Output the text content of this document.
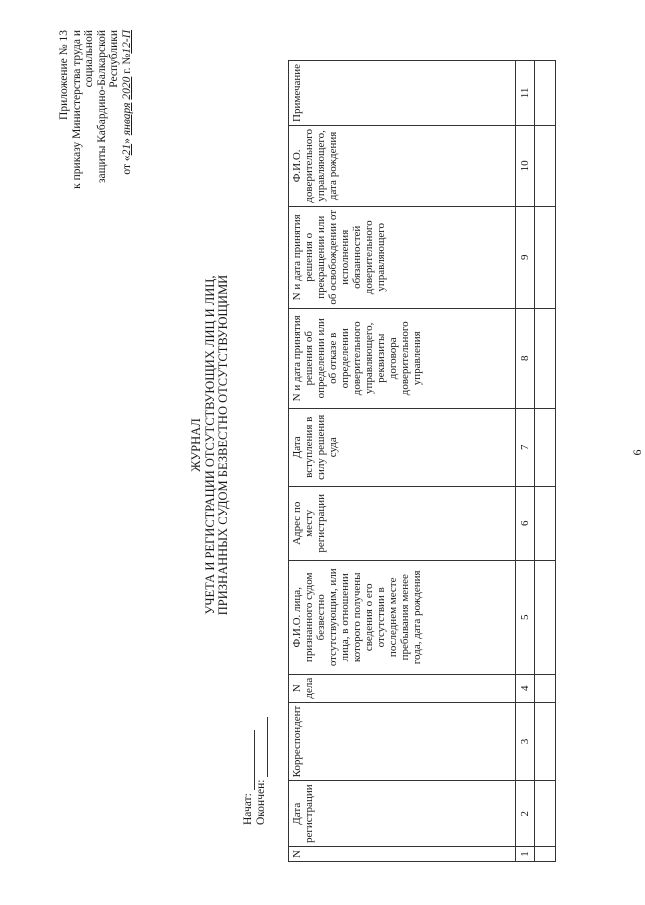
Приложение № 13 к приказу Министерства труда и социальной защиты Кабардино-Балкарской Республики
от «21» января 2020 г. №12-П
ЖУРНАЛ УЧЕТА И РЕГИСТРАЦИИ ОТСУТСТВУЮЩИХ ЛИЦ И ЛИЦ, ПРИЗНАННЫХ СУДОМ БЕЗВЕСТНО ОТСУТСТВУЮЩИМИ
Начат: Окончен:
N	Дата регистрации	Корреспондент	N дела	Ф.И.О. лица, признанного судом безвестно отсутствующим, или лица, в отношении которого получены сведения о его отсутствии в последнем месте пребывания менее года, дата рождения	Адрес по месту регистрации	Дата вступления в силу решения суда	N и дата принятия решения об определении или об отказе в определении доверительного управляющего, реквизиты договора доверительного управления	N и дата принятия решения о прекращении или об освобождении от исполнения обязанностей доверительного управляющего	Ф.И.О. доверительного управляющего, дата рождения	Примечание
1	2	3	4	5	6	7	8	9	10	11

6
